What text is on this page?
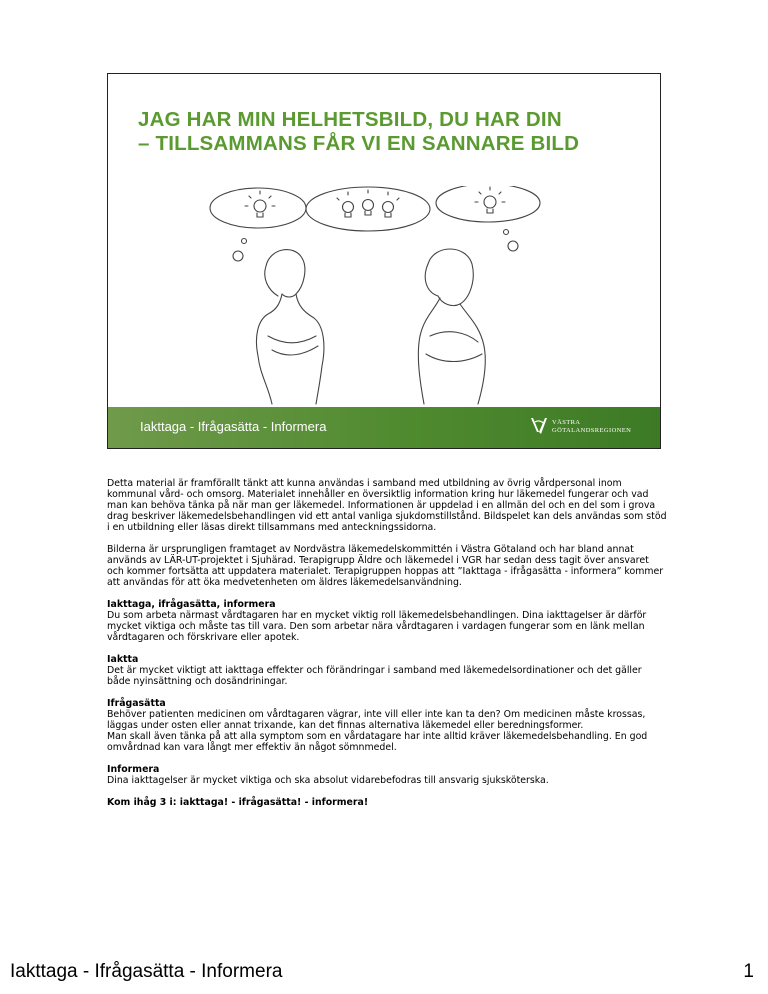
JAG HAR MIN HELHETSBILD, DU HAR DIN
– TILLSAMMANS FÅR VI EN SANNARE BILD
Iakttaga - Ifrågasätta - Informera	VÄSTRA
GÖTALANDSREGIONEN

Detta material är framförallt tänkt att kunna användas i samband med utbildning av övrig vårdpersonal inom kommunal vård- och omsorg. Materialet innehåller en översiktlig information kring hur läkemedel fungerar och vad man kan behöva tänka på när man ger läkemedel. Informationen är uppdelad i en allmän del och en del som i grova drag beskriver läkemedelsbehandlingen vid ett antal vanliga sjukdomstillstånd. Bildspelet kan dels användas som stöd i en utbildning eller läsas direkt tillsammans med anteckningssidorna.

Bilderna är ursprungligen framtaget av Nordvästra läkemedelskommittén i Västra Götaland och har bland annat används av LÄR-UT-projektet i Sjuhärad. Terapigrupp Äldre och läkemedel i VGR har sedan dess tagit över ansvaret och kommer fortsätta att uppdatera materialet. Terapigruppen hoppas att ”Iakttaga - ifrågasätta - informera” kommer att användas för att öka medvetenheten om äldres läkemedelsanvändning.

Iakttaga, ifrågasätta, informera

Du som arbeta närmast vårdtagaren har en mycket viktig roll läkemedelsbehandlingen. Dina iakttagelser är därför mycket viktiga och måste tas till vara. Den som arbetar nära vårdtagaren i vardagen fungerar som en länk mellan vårdtagaren och förskrivare eller apotek.

Iaktta

Det är mycket viktigt att iakttaga effekter och förändringar i samband med läkemedelsordinationer och det gäller både nyinsättning och dosändriningar.

Ifrågasätta

Behöver patienten medicinen om vårdtagaren vägrar, inte vill eller inte kan ta den? Om medicinen måste krossas, läggas under osten eller annat trixande, kan det finnas alternativa läkemedel eller beredningsformer.

Man skall även tänka på att alla symptom som en vårdatagare har inte alltid kräver läkemedelsbehandling. En god omvårdnad kan vara långt mer effektiv än något sömnmedel.

Informera

Dina iakttagelser är mycket viktiga och ska absolut vidarebefodras till ansvarig sjuksköterska.

Kom ihåg 3 i: iakttaga! - ifrågasätta! - informera!

Iakttaga - Ifrågasätta - Informera	1
